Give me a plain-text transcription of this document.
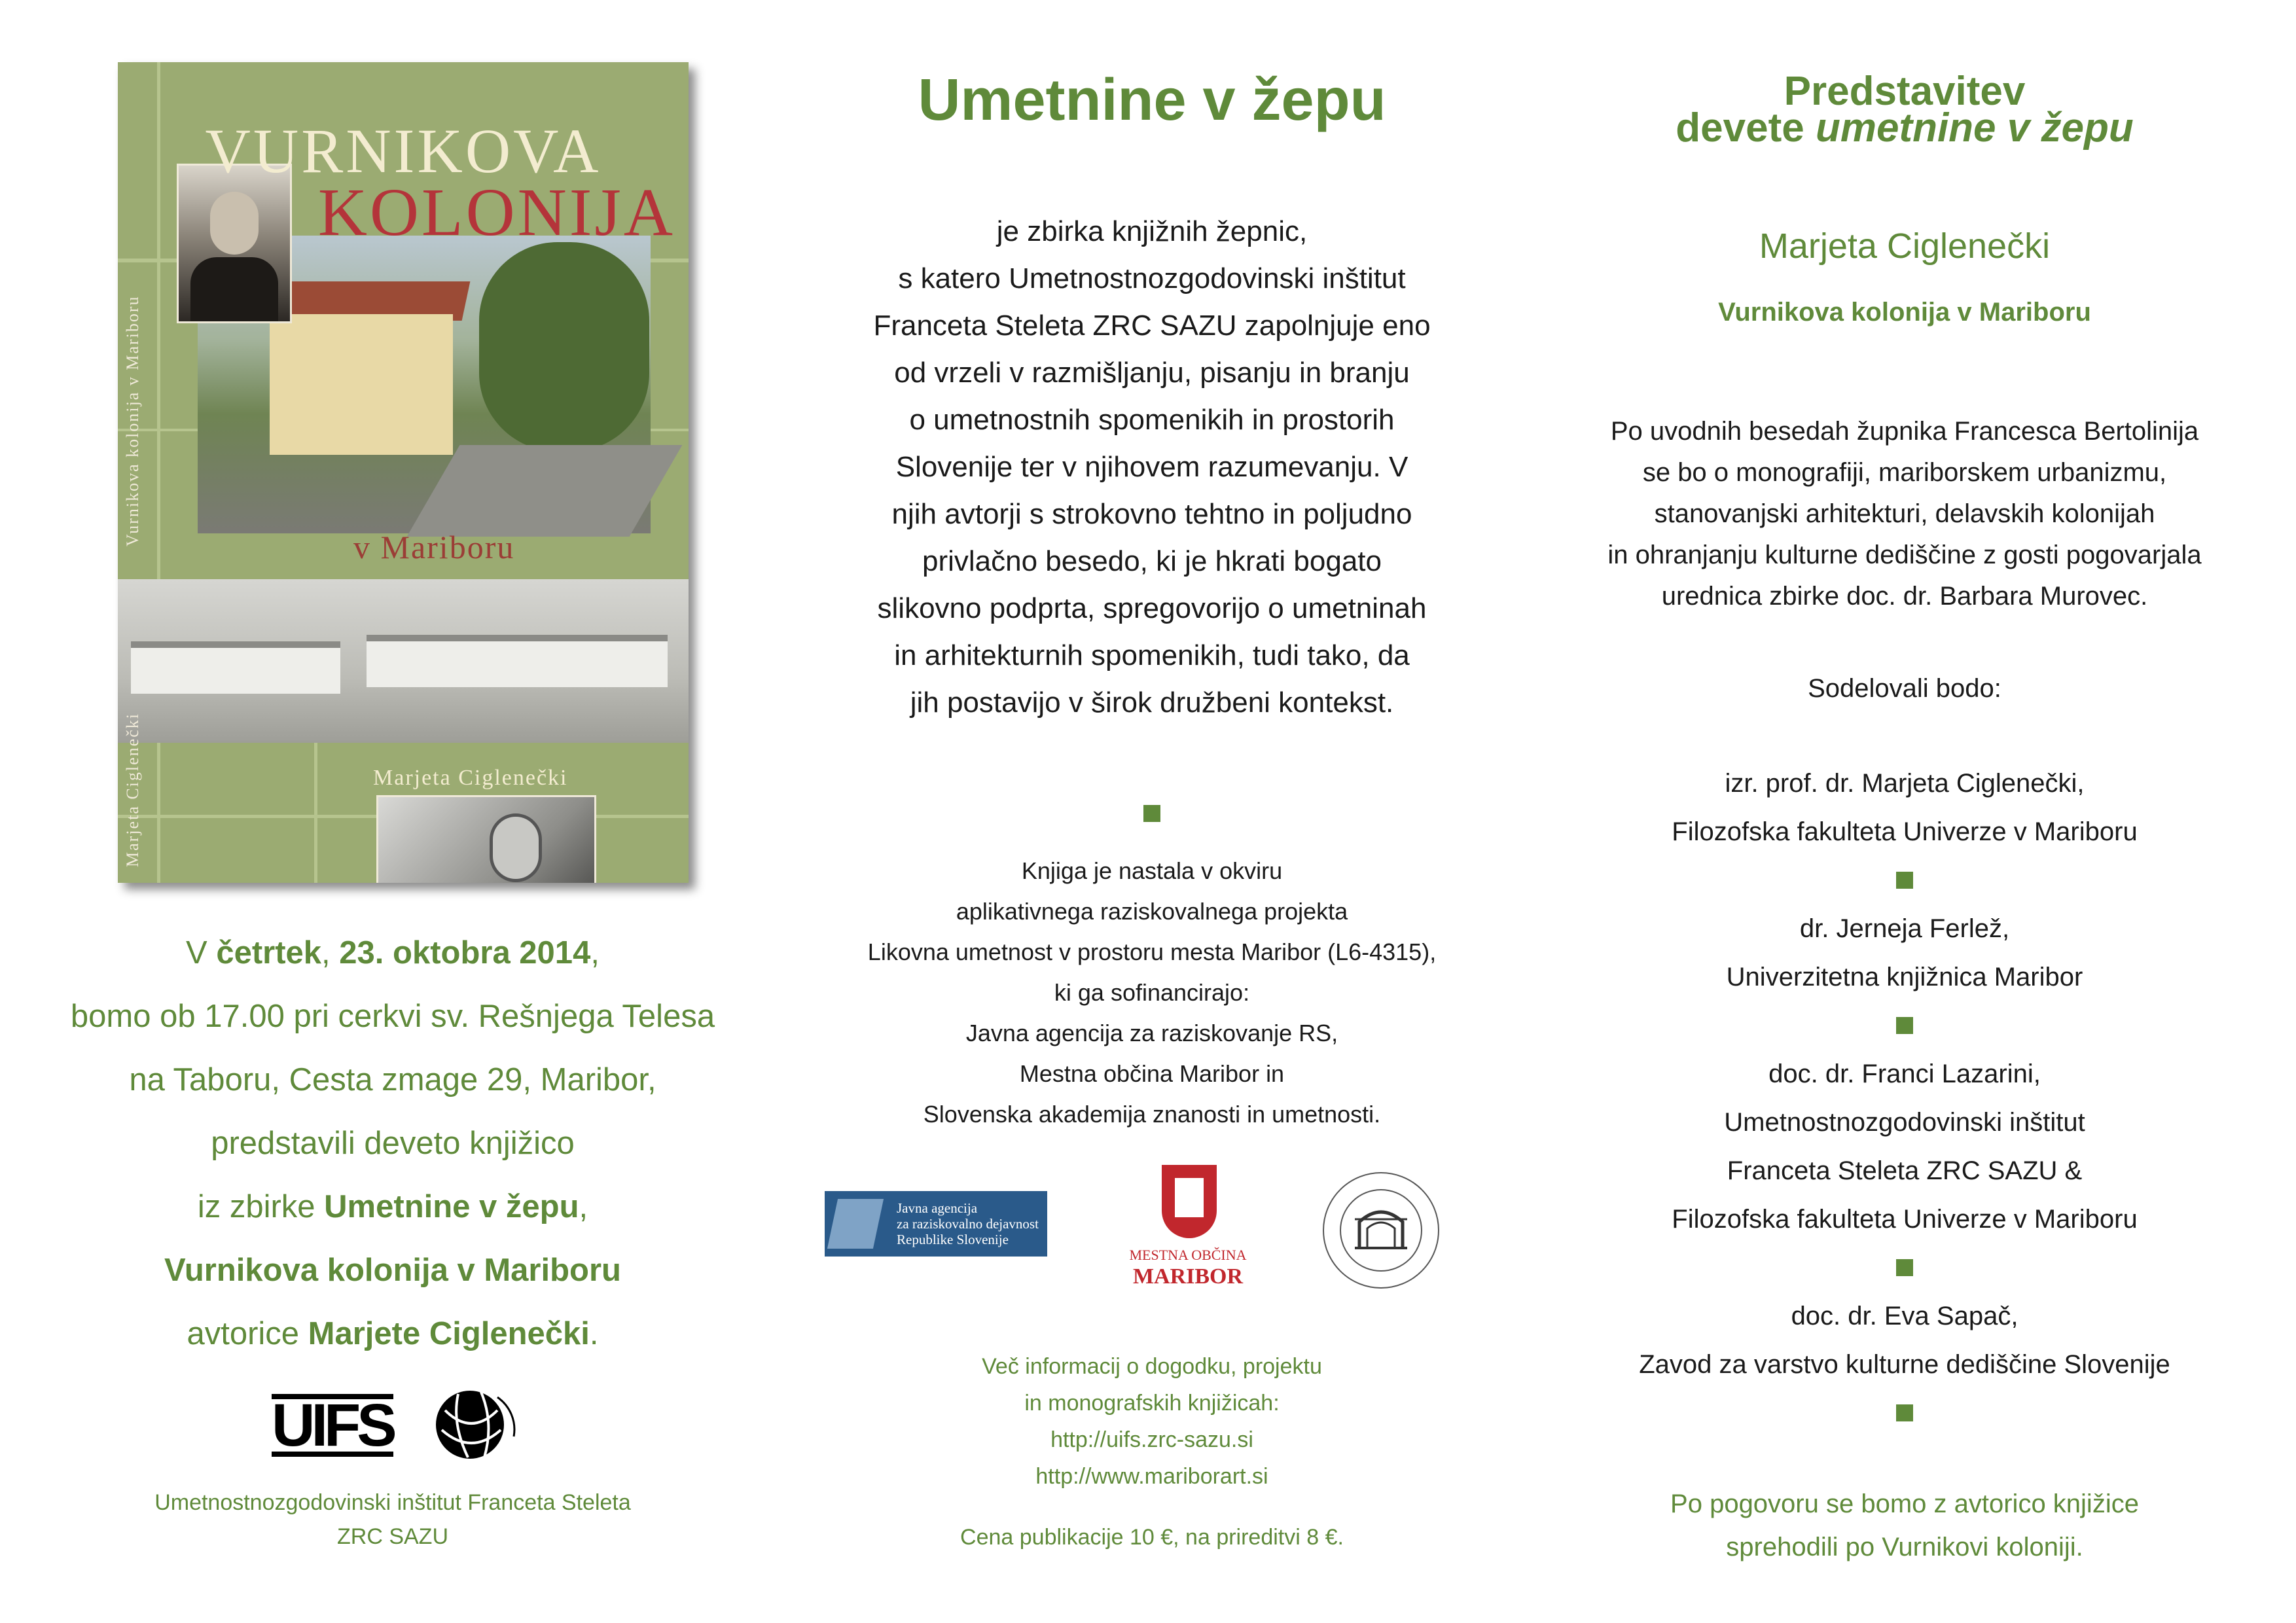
VURNIKOVA
KOLONIJA
v Mariboru
Marjeta Ciglenečki
Vurnikova kolonija v Mariboru
Marjeta Ciglenečki
V četrtek, 23. oktobra 2014,
bomo ob 17.00 pri cerkvi sv. Rešnjega Telesa
na Taboru, Cesta zmage 29, Maribor,
predstavili deveto knjižico
iz zbirke Umetnine v žepu,
Vurnikova kolonija v Mariboru
avtorice Marjete Ciglenečki.
UIFS
Umetnostnozgodovinski inštitut Franceta Steleta
ZRC SAZU
Umetnine v žepu
je zbirka knjižnih žepnic,
s katero Umetnostnozgodovinski inštitut
Franceta Steleta ZRC SAZU zapolnjuje eno
od vrzeli v razmišljanju, pisanju in branju
o umetnostnih spomenikih in prostorih
Slovenije ter v njihovem razumevanju. V
njih avtorji s strokovno tehtno in poljudno
privlačno besedo, ki je hkrati bogato
slikovno podprta, spregovorijo o umetninah
in arhitekturnih spomenikih, tudi tako, da
jih postavijo v širok družbeni kontekst.
Knjiga je nastala v okviru
aplikativnega raziskovalnega projekta
Likovna umetnost v prostoru mesta Maribor (L6-4315),
ki ga sofinancirajo:
Javna agencija za raziskovanje RS,
Mestna občina Maribor in
Slovenska akademija znanosti in umetnosti.
Javna agencija
za raziskovalno dejavnost
Republike Slovenije
MESTNA OBČINA
MARIBOR
Več informacij o dogodku, projektu
in monografskih knjižicah:
http://uifs.zrc-sazu.si
http://www.mariborart.si
Cena publikacije 10 €, na prireditvi 8 €.
Predstavitev
devete umetnine v žepu
Marjeta Ciglenečki
Vurnikova kolonija v Mariboru
Po uvodnih besedah župnika Francesca Bertolinija
se bo o monografiji, mariborskem urbanizmu,
stanovanjski arhitekturi, delavskih kolonijah
in ohranjanju kulturne dediščine z gosti pogovarjala
urednica zbirke doc. dr. Barbara Murovec.
Sodelovali bodo:
izr. prof. dr. Marjeta Ciglenečki,
Filozofska fakulteta Univerze v Mariboru
dr. Jerneja Ferlež,
Univerzitetna knjižnica Maribor
doc. dr. Franci Lazarini,
Umetnostnozgodovinski inštitut
Franceta Steleta ZRC SAZU &
Filozofska fakulteta Univerze v Mariboru
doc. dr. Eva Sapač,
Zavod za varstvo kulturne dediščine Slovenije
Po pogovoru se bomo z avtorico knjižice
sprehodili po Vurnikovi koloniji.
